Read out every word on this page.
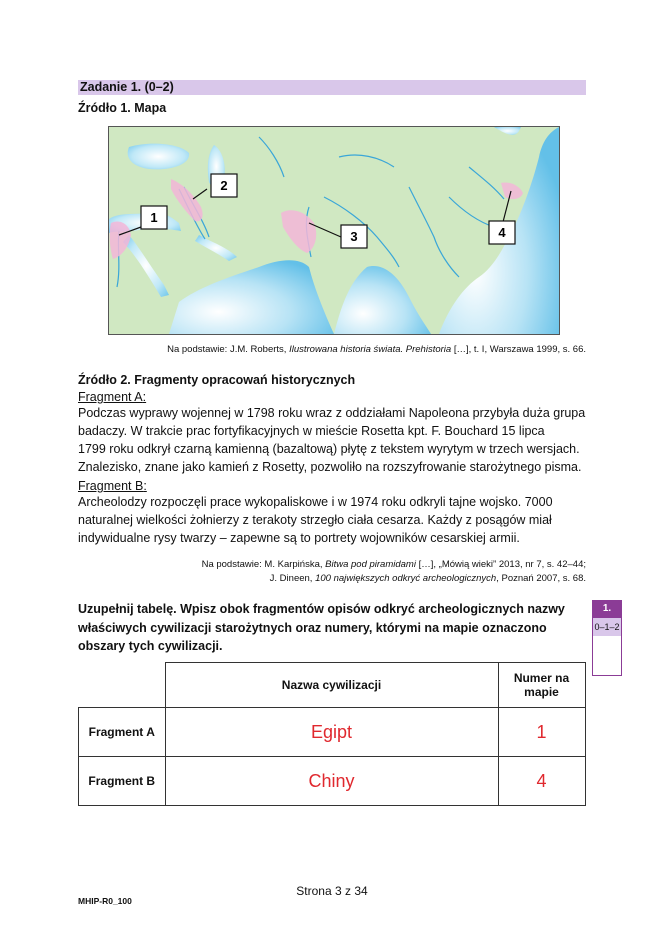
Zadanie 1. (0–2)
Źródło 1. Mapa
1
2
3	4
Na podstawie: J.M. Roberts, Ilustrowana historia świata. Prehistoria […], t. I, Warszawa 1999, s. 66.
Źródło 2. Fragmenty opracowań historycznych
Fragment A:
Podczas wyprawy wojennej w 1798 roku wraz z oddziałami Napoleona przybyła duża grupa
badaczy. W trakcie prac fortyfikacyjnych w mieście Rosetta kpt. F. Bouchard 15 lipca
1799 roku odkrył czarną kamienną (bazaltową) płytę z tekstem wyrytym w trzech wersjach.
Znalezisko, znane jako kamień z Rosetty, pozwoliło na rozszyfrowanie starożytnego pisma.
Fragment B:
Archeolodzy rozpoczęli prace wykopaliskowe i w 1974 roku odkryli tajne wojsko. 7000
naturalnej wielkości żołnierzy z terakoty strzegło ciała cesarza. Każdy z posągów miał
indywidualne rysy twarzy – zapewne są to portrety wojowników cesarskiej armii.
Na podstawie: M. Karpińska, Bitwa pod piramidami […], „Mówią wieki” 2013, nr 7, s. 42–44;
J. Dineen, 100 największych odkryć archeologicznych, Poznań 2007, s. 68.
Uzupełnij tabelę. Wpisz obok fragmentów opisów odkryć archeologicznych nazwy
właściwych cywilizacji starożytnych oraz numery, którymi na mapie oznaczono
obszary tych cywilizacji.
1.
0–1–2
	Nazwa cywilizacji	Numer na
mapie

Fragment A	Egipt	1
Fragment B	Chiny	4
Strona 3 z 34
MHIP-R0_100
